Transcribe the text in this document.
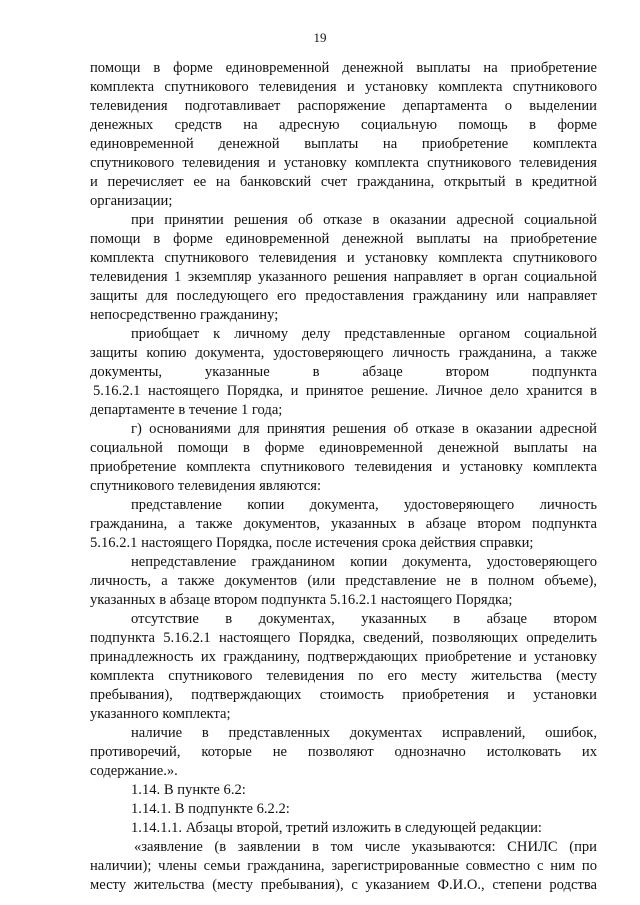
19
помощи в форме единовременной денежной выплаты на приобретение
комплекта спутникового телевидения и установку комплекта спутникового
телевидения подготавливает распоряжение департамента о выделении
денежных средств на адресную социальную помощь в форме
единовременной денежной выплаты на приобретение комплекта
спутникового телевидения и установку комплекта спутникового телевидения
и перечисляет ее на банковский счет гражданина, открытый в кредитной
организации;
при принятии решения об отказе в оказании адресной социальной
помощи в форме единовременной денежной выплаты на приобретение
комплекта спутникового телевидения и установку комплекта спутникового
телевидения 1 экземпляр указанного решения направляет в орган социальной
защиты для последующего его предоставления гражданину или направляет
непосредственно гражданину;
приобщает к личному делу представленные органом социальной
защиты копию документа, удостоверяющего личность гражданина, а также
документы, указанные в абзаце втором подпункта
5.16.2.1 настоящего Порядка, и принятое решение. Личное дело хранится в
департаменте в течение 1 года;
г) основаниями для принятия решения об отказе в оказании адресной
социальной помощи в форме единовременной денежной выплаты на
приобретение комплекта спутникового телевидения и установку комплекта
спутникового телевидения являются:
представление копии документа, удостоверяющего личность
гражданина, а также документов, указанных в абзаце втором подпункта
5.16.2.1 настоящего Порядка, после истечения срока действия справки;
непредставление гражданином копии документа, удостоверяющего
личность, а также документов (или представление не в полном объеме),
указанных в абзаце втором подпункта 5.16.2.1 настоящего Порядка;
отсутствие в документах, указанных в абзаце втором
подпункта 5.16.2.1 настоящего Порядка, сведений, позволяющих определить
принадлежность их гражданину, подтверждающих приобретение и установку
комплекта спутникового телевидения по его месту жительства (месту
пребывания), подтверждающих стоимость приобретения и установки
указанного комплекта;
наличие в представленных документах исправлений, ошибок,
противоречий, которые не позволяют однозначно истолковать их
содержание.».
1.14. В пункте 6.2:
1.14.1. В подпункте 6.2.2:
1.14.1.1. Абзацы второй, третий изложить в следующей редакции:
«заявление (в заявлении в том числе указываются: СНИЛС (при
наличии); члены семьи гражданина, зарегистрированные совместно с ним по
месту жительства (месту пребывания), с указанием Ф.И.О., степени родства
